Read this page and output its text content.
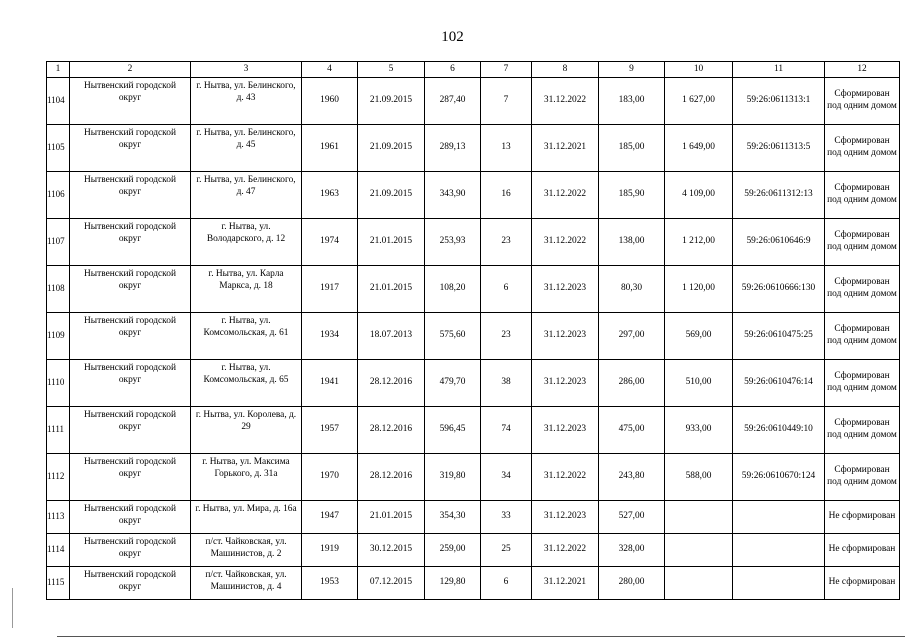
102
1	2	3	4	5	6	7	8	9	10	11	12
1104	Нытвенский городской округ	г. Нытва, ул. Белинского, д. 43	1960	21.09.2015	287,40	7	31.12.2022	183,00	1 627,00	59:26:0611313:1	Сформирован под одним домом
1105	Нытвенский городской округ	г. Нытва, ул. Белинского, д. 45	1961	21.09.2015	289,13	13	31.12.2021	185,00	1 649,00	59:26:0611313:5	Сформирован под одним домом
1106	Нытвенский городской округ	г. Нытва, ул. Белинского, д. 47	1963	21.09.2015	343,90	16	31.12.2022	185,90	4 109,00	59:26:0611312:13	Сформирован под одним домом
1107	Нытвенский городской округ	г. Нытва, ул. Володарского, д. 12	1974	21.01.2015	253,93	23	31.12.2022	138,00	1 212,00	59:26:0610646:9	Сформирован под одним домом
1108	Нытвенский городской округ	г. Нытва, ул. Карла Маркса, д. 18	1917	21.01.2015	108,20	6	31.12.2023	80,30	1 120,00	59:26:0610666:130	Сформирован под одним домом
1109	Нытвенский городской округ	г. Нытва, ул. Комсомольская, д. 61	1934	18.07.2013	575,60	23	31.12.2023	297,00	569,00	59:26:0610475:25	Сформирован под одним домом
1110	Нытвенский городской округ	г. Нытва, ул. Комсомольская, д. 65	1941	28.12.2016	479,70	38	31.12.2023	286,00	510,00	59:26:0610476:14	Сформирован под одним домом
1111	Нытвенский городской округ	г. Нытва, ул. Королева, д. 29	1957	28.12.2016	596,45	74	31.12.2023	475,00	933,00	59:26:0610449:10	Сформирован под одним домом
1112	Нытвенский городской округ	г. Нытва, ул. Максима Горького, д. 31а	1970	28.12.2016	319,80	34	31.12.2022	243,80	588,00	59:26:0610670:124	Сформирован под одним домом
1113	Нытвенский городской округ	г. Нытва, ул. Мира, д. 16а	1947	21.01.2015	354,30	33	31.12.2023	527,00			Не сформирован
1114	Нытвенский городской округ	п/ст. Чайковская, ул. Машинистов, д. 2	1919	30.12.2015	259,00	25	31.12.2022	328,00			Не сформирован
1115	Нытвенский городской округ	п/ст. Чайковская, ул. Машинистов, д. 4	1953	07.12.2015	129,80	6	31.12.2021	280,00			Не сформирован
